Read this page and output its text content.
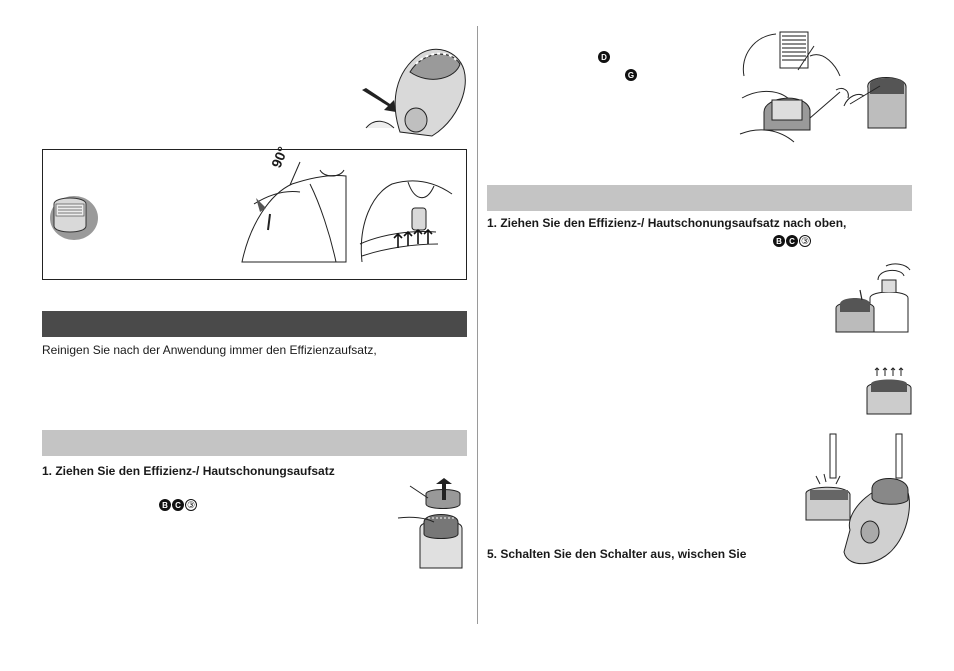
90°
Reinigen Sie nach der Anwendung immer den Effizienzaufsatz,
1. Ziehen Sie den Effizienz-/ Hautschonungsaufsatz
B C ③
D
G
1. Ziehen Sie den Effizienz-/ Hautschonungsaufsatz nach oben,
B C ③
5. Schalten Sie den Schalter aus, wischen Sie
